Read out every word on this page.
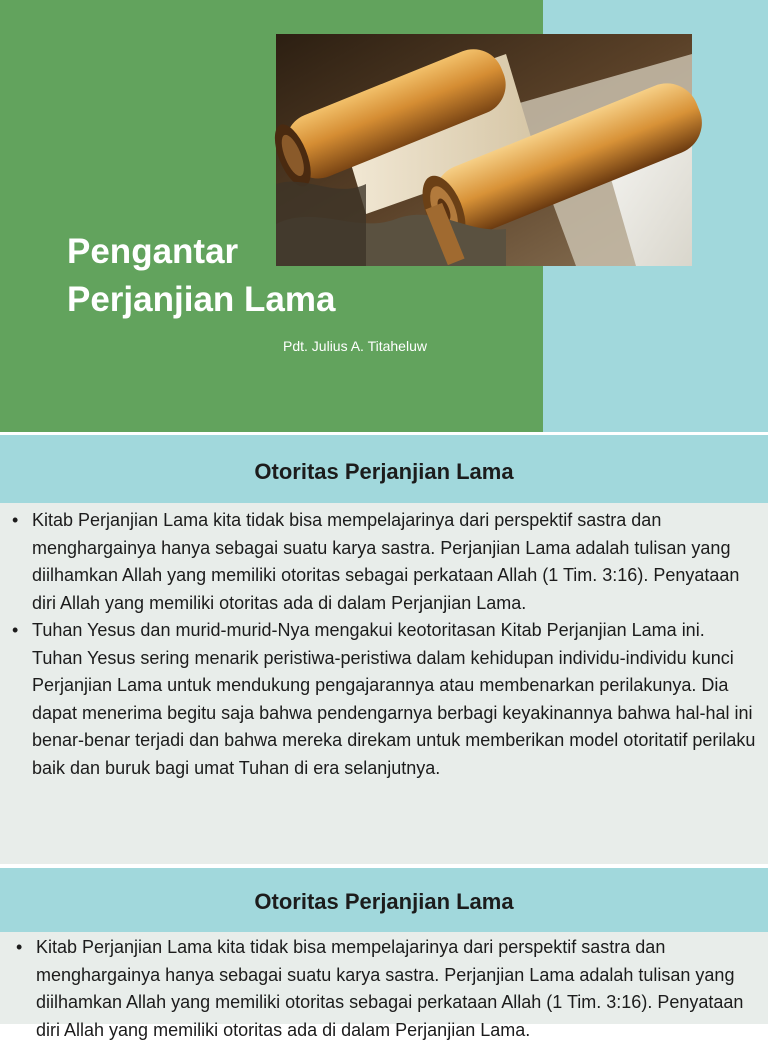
Pengantar
Perjanjian Lama
Pdt. Julius A. Titaheluw
Otoritas Perjanjian Lama
• Kitab Perjanjian Lama kita tidak bisa mempelajarinya dari perspektif sastra dan menghargainya hanya sebagai suatu karya sastra. Perjanjian Lama adalah tulisan yang diilhamkan Allah yang memiliki otoritas sebagai perkataan Allah (1 Tim. 3:16). Penyataan diri Allah yang memiliki otoritas ada di dalam Perjanjian Lama.
• Tuhan Yesus dan murid-murid-Nya mengakui keotoritasan Kitab Perjanjian Lama ini. Tuhan Yesus sering menarik peristiwa-peristiwa dalam kehidupan individu-individu kunci Perjanjian Lama untuk mendukung pengajarannya atau membenarkan perilakunya. Dia dapat menerima begitu saja bahwa pendengarnya berbagi keyakinannya bahwa hal-hal ini benar-benar terjadi dan bahwa mereka direkam untuk memberikan model otoritatif perilaku baik dan buruk bagi umat Tuhan di era selanjutnya.
Otoritas Perjanjian Lama
• Kitab Perjanjian Lama kita tidak bisa mempelajarinya dari perspektif sastra dan menghargainya hanya sebagai suatu karya sastra. Perjanjian Lama adalah tulisan yang diilhamkan Allah yang memiliki otoritas sebagai perkataan Allah (1 Tim. 3:16). Penyataan diri Allah yang memiliki otoritas ada di dalam Perjanjian Lama.
